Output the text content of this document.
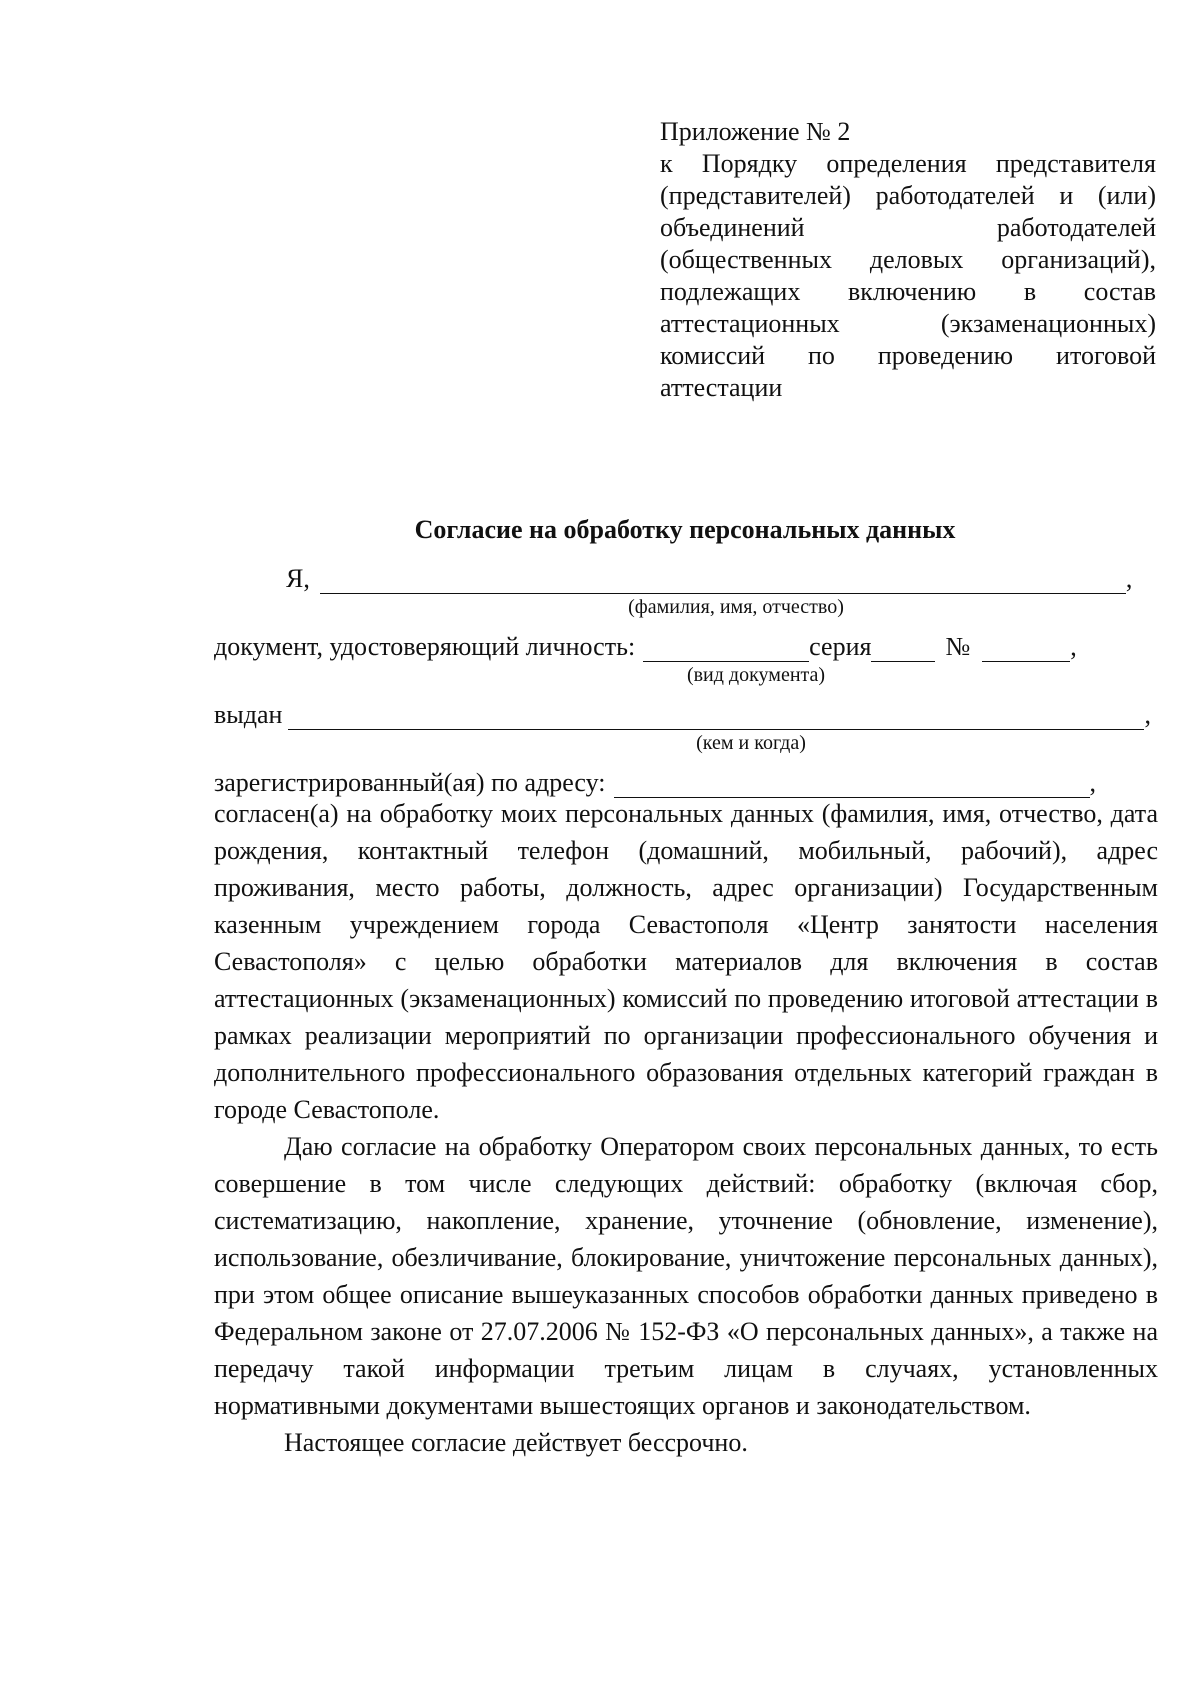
Приложение № 2
к Порядку определения представителя
(представителей) работодателей и (или)
объединений работодателей
(общественных деловых организаций),
подлежащих включению в состав
аттестационных (экзаменационных)
комиссий по проведению итоговой
аттестации
Согласие на обработку персональных данных
Я,	,
(фамилия, имя, отчество)
документ, удостоверяющий личность:	серия	№	,
(вид документа)
выдан	,
(кем и когда)
зарегистрированный(ая) по адресу:	,

согласен(а) на обработку моих персональных данных (фамилия, имя, отчество, дата рождения, контактный телефон (домашний, мобильный, рабочий), адрес проживания, место работы, должность, адрес организации) Государственным казенным учреждением города Севастополя «Центр занятости населения Севастополя» с целью обработки материалов для включения в состав аттестационных (экзаменационных) комиссий по проведению итоговой аттестации в рамках реализации мероприятий по организации профессионального обучения и дополнительного профессионального образования отдельных категорий граждан в городе Севастополе.

Даю согласие на обработку Оператором своих персональных данных, то есть совершение в том числе следующих действий: обработку (включая сбор, систематизацию, накопление, хранение, уточнение (обновление, изменение), использование, обезличивание, блокирование, уничтожение персональных данных), при этом общее описание вышеуказанных способов обработки данных приведено в Федеральном законе от 27.07.2006 № 152-ФЗ «О персональных данных», а также на передачу такой информации третьим лицам в случаях, установленных нормативными документами вышестоящих органов и законодательством.

Настоящее согласие действует бессрочно.
